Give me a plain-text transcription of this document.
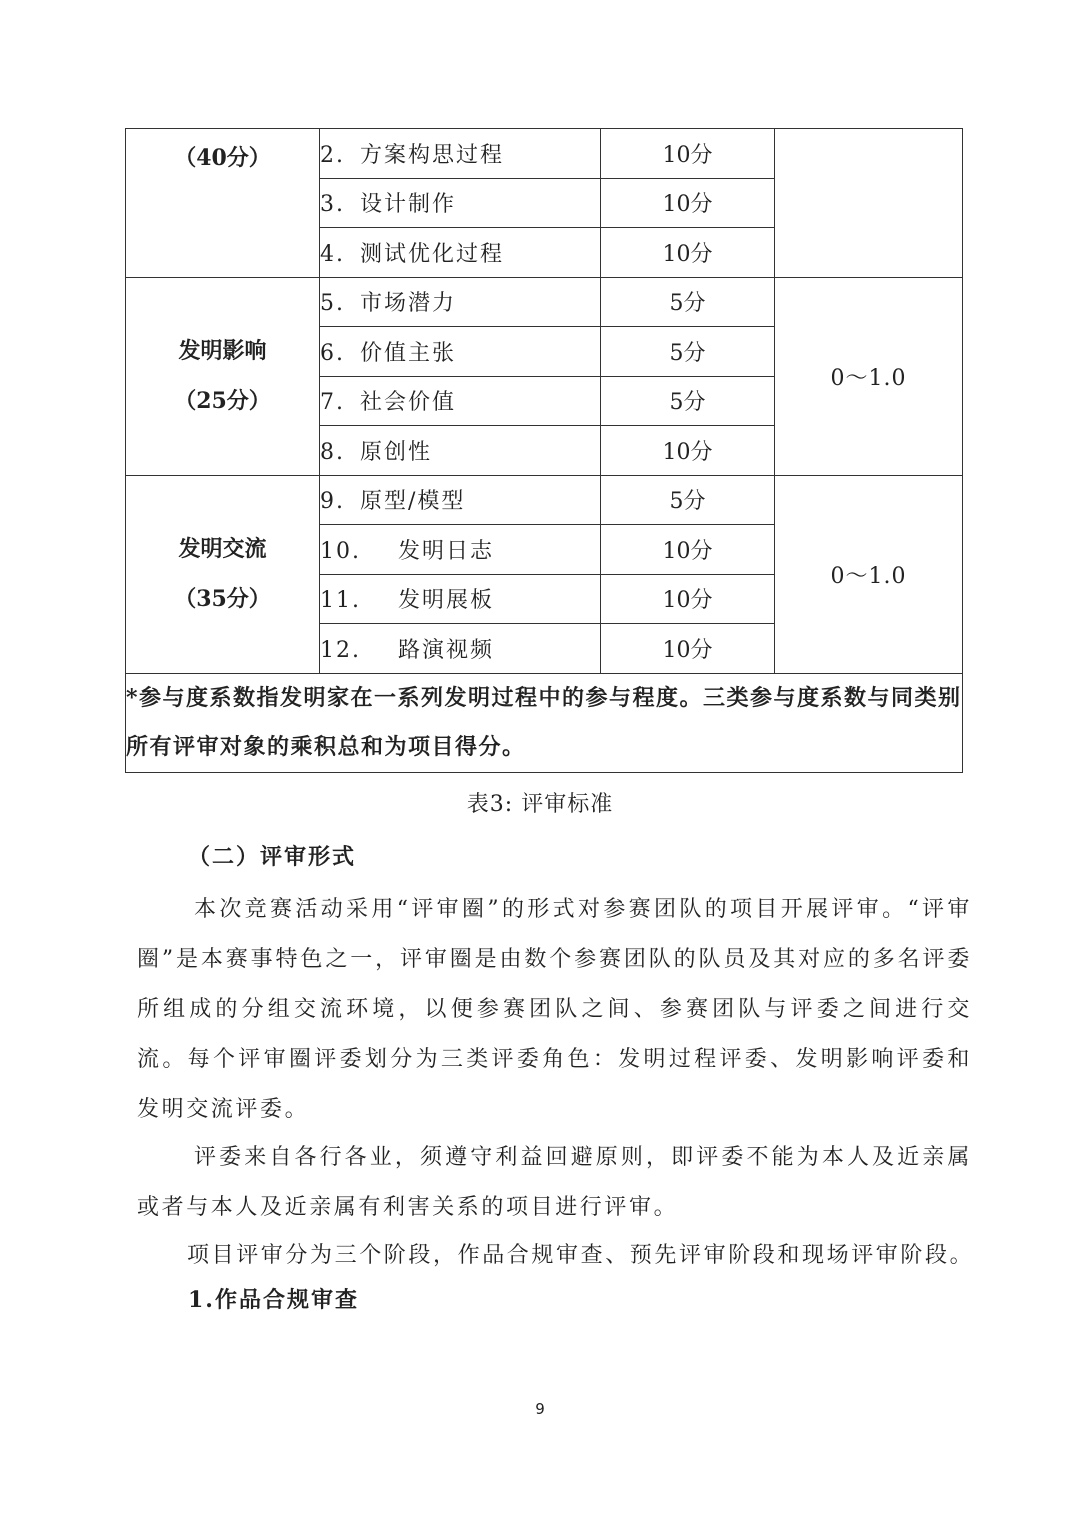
（40分）	2. 方案构思过程	10分	
	3. 设计制作	10分	
	4. 测试优化过程	10分	

发明影响
（25分）	5. 市场潜力	5分	0～1.0
	6. 价值主张	5分	
	7. 社会价值	5分	
	8. 原创性	10分	

发明交流
（35分）	9. 原型/模型	5分	0～1.0
	10. 发明日志	10分	
	11. 发明展板	10分	
	12. 路演视频	10分	
*参与度系数指发明家在一系列发明过程中的参与程度。三类参与度系数与同类别所有评审对象的乘积总和为项目得分。			
表3: 评审标准
（二）评审形式

本次竞赛活动采用“评审圈”的形式对参赛团队的项目开展评审。“评审圈”是本赛事特色之一，评审圈是由数个参赛团队的队员及其对应的多名评委所组成的分组交流环境，以便参赛团队之间、参赛团队与评委之间进行交流。每个评审圈评委划分为三类评委角色：发明过程评委、发明影响评委和发明交流评委。

评委来自各行各业，须遵守利益回避原则，即评委不能为本人及近亲属或者与本人及近亲属有利害关系的项目进行评审。

项目评审分为三个阶段，作品合规审查、预先评审阶段和现场评审阶段。

1.作品合规审查
9
